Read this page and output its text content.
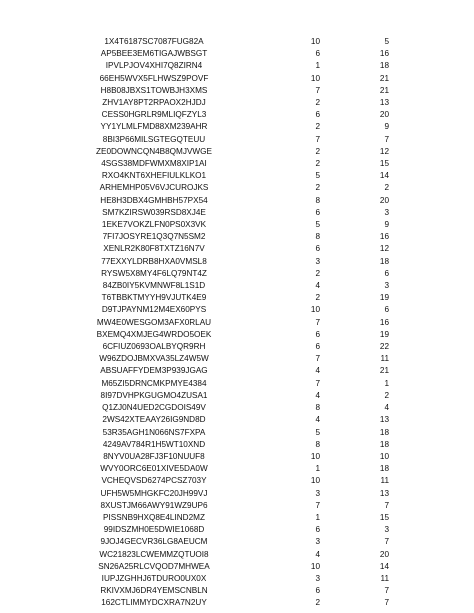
1X4T6187SC7087FUG82A	10	5
AP5BEE3EM6TIGAJWBSGT	6	16
IPVLPJOV4XHI7Q8ZIRN4	1	18
66EH5WVX5FLHWSZ9POVF	10	21
H8B08JBXS1TOWBJH3XMS	7	21
ZHV1AY8PT2RPAOX2HJDJ	2	13
CESS0HGRLR9MLIQFZYL3	6	20
YY1YLMLFMD88XM239AHR	2	9
8BI3P66MILSGTEGQTEUU	7	7
ZE0DOWNCQN4B8QMJVWGE	2	12
4SGS38MDFWMXM8XIP1AI	2	15
RXO4KNT6XHEFIULKLKO1	5	14
ARHEMHP05V6VJCUROJKS	2	2
HE8H3DBX4GMHBH57PX54	8	20
SM7KZIRSW039RSD8XJ4E	6	3
1EKE7VOKZLFN0PS0X3VK	5	9
7FI7JOSYRE1Q3Q7N5SM2	8	16
XENLR2K80F8TXTZ16N7V	6	12
77EXXYLDRB8HXA0VMSL8	3	18
RYSW5X8MY4F6LQ79NT4Z	2	6
84ZB0IY5KVMNWF8L1S1D	4	3
T6TBBKTMYYH9VJUTK4E9	2	19
D9TJPAYNM12M4EX60PYS	10	6
MW4E0WESGOM3AFX0RLAU	7	16
BXEMQ4XMJEG4WRDO5OEK	6	19
6CFIUZ0693OALBYQR9RH	6	22
W96ZDOJBMXVA35LZ4W5W	7	11
ABSUAFFYDEM3P939JGAG	4	21
M65ZI5DRNCMKPMYE4384	7	1
8I97DVHPKGUGMO4ZUSA1	4	2
Q1ZJ0N4UED2CGDOIS49V	8	4
2WS42XTEAAY26IG9ND8D	4	13
53R35AGH1N066NS7FXPA	5	18
4249AV784R1H5WT10XND	8	18
8NYV0UA28FJ3F10NUUF8	10	10
WVY0ORC6E01XIVE5DA0W	1	18
VCHEQVSD6274PCSZ703Y	10	11
UFH5W5MHGKFC20JH99VJ	3	13
8XUSTJM66AWY91WZ9UP6	7	7
PISSNB9HXQ8E4LIND2MZ	1	15
99IDSZMH0E5DWIE1068D	6	3
9JOJ4GECVR36LG8AEUCM	3	7
WC21823LCWEMMZQTUOI8	4	20
SN26A25RLCVQOD7MHWEA	10	14
IUPJZGHHJ6TDURO0UX0X	3	11
RKIVXMJ6DR4YEMSCNBLN	6	7
162CTLIMMYDCXRA7N2UY	2	7
